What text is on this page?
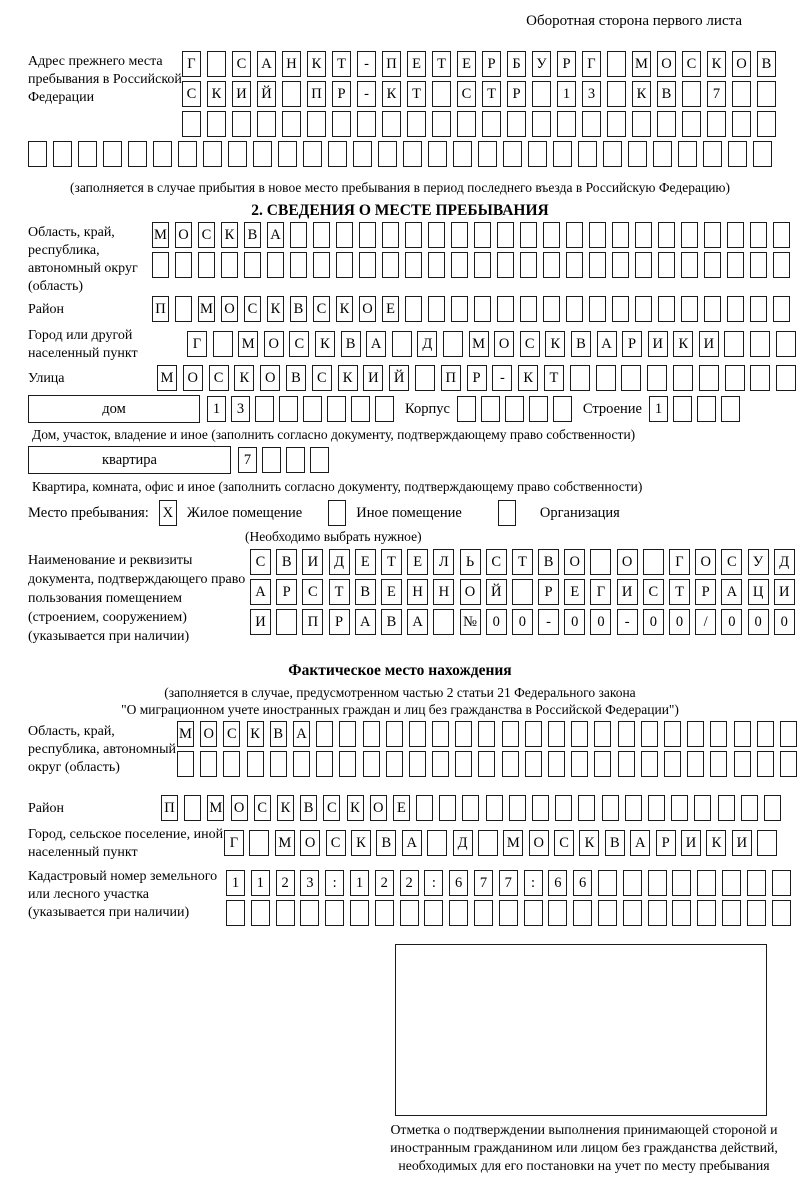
Оборотная сторона первого листа
Адрес прежнего места пребывания в Российской Федерации
Г	С	А Н	К	Т	-	П	Е	Т	Е	Р	Б	У	Р	Г	М О	С	К	О	В
С	К	И Й	П	Р	-	К	Т	С	Т	Р	1	3	К	В	7
(заполняется в случае прибытия в новое место пребывания в период последнего въезда в Российскую Федерацию)
2. СВЕДЕНИЯ О МЕСТЕ ПРЕБЫВАНИЯ
Область, край, республика, автономный округ (область)
М О С К В А
Район	П М О С К В С К О Е
Город или другой населенный пункт
Г	М О	С	К	В	А	Д	М О	С	К	В	А	Р	И	К	И
Улица	М О	С	К	О	В	С	К	И	Й	П	Р	-	К	Т
дом	1	3	Корпус	Строение 1
Дом, участок, владение и иное (заполнить согласно документу, подтверждающему право собственности)
квартира	7
Квартира, комната, офис и иное (заполнить согласно документу, подтверждающему право собственности)
Место пребывания: X Жилое помещение	Иное помещение	Организация
(Необходимо выбрать нужное)
Наименование и реквизиты документа, подтверждающего право пользования помещением (строением, сооружением) (указывается при наличии)
С	В	И	Д	Е	Т	Е	Л	Ь	С	Т	В	О	О	Г	О	С	У	Д
А	Р	С	Т	В	Е	Н	Н	О	Й	Р	Е	Г	И	С	Т	Р	А	Ц	И
И	П	Р	А	В	А	№	0	0	-	0	0	-	0	0	/	0	0	0
Фактическое место нахождения
(заполняется в случае, предусмотренном частью 2 статьи 21 Федерального закона
"О миграционном учете иностранных граждан и лиц без гражданства в Российской Федерации")
Область, край, республика, автономный округ (область)
М О С К В А
Район	П М О С К В С К О Е
Город, сельское поселение, иной населенный пункт
Г	М О	С	К	В	А	Д	М О	С	К	В	А	Р	И	К	И
Кадастровый номер земельного или лесного участка (указывается при наличии)
1	1	2	3	:	1	2	2	:	6	7	7	:	6	6
Отметка о подтверждении выполнения принимающей стороной и иностранным гражданином или лицом без гражданства действий, необходимых для его постановки на учет по месту пребывания
